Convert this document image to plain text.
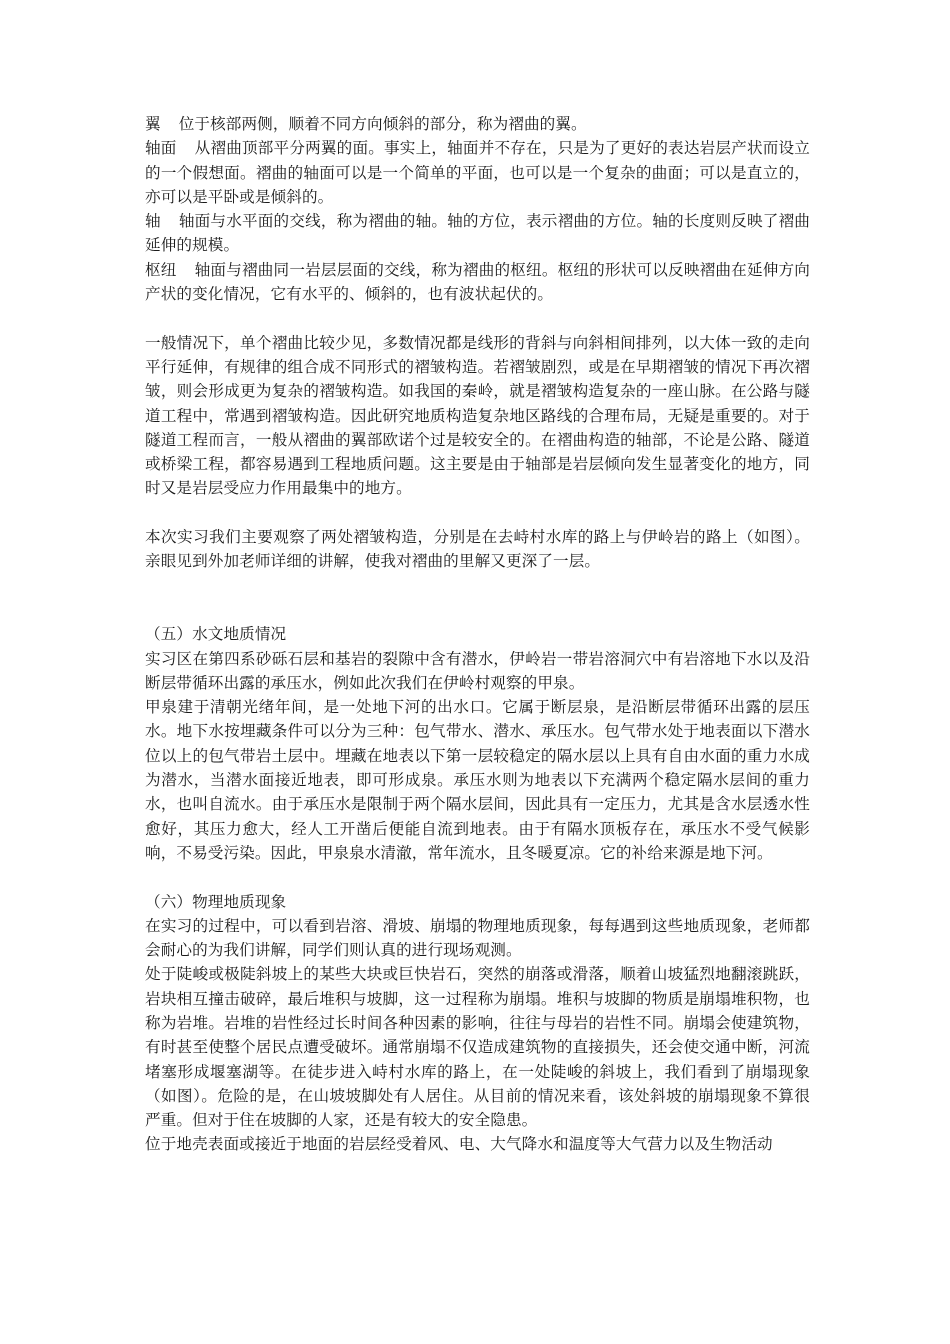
翼 位于核部两侧，顺着不同方向倾斜的部分，称为褶曲的翼。

轴面 从褶曲顶部平分两翼的面。事实上，轴面并不存在，只是为了更好的表达岩层产状而设立的一个假想面。褶曲的轴面可以是一个简单的平面，也可以是一个复杂的曲面；可以是直立的，亦可以是平卧或是倾斜的。

轴 轴面与水平面的交线，称为褶曲的轴。轴的方位，表示褶曲的方位。轴的长度则反映了褶曲延伸的规模。

枢纽 轴面与褶曲同一岩层层面的交线，称为褶曲的枢纽。枢纽的形状可以反映褶曲在延伸方向产状的变化情况，它有水平的、倾斜的，也有波状起伏的。

一般情况下，单个褶曲比较少见，多数情况都是线形的背斜与向斜相间排列，以大体一致的走向平行延伸，有规律的组合成不同形式的褶皱构造。若褶皱剧烈，或是在早期褶皱的情况下再次褶皱，则会形成更为复杂的褶皱构造。如我国的秦岭，就是褶皱构造复杂的一座山脉。在公路与隧道工程中，常遇到褶皱构造。因此研究地质构造复杂地区路线的合理布局，无疑是重要的。对于隧道工程而言，一般从褶曲的翼部欧诺个过是较安全的。在褶曲构造的轴部，不论是公路、隧道或桥梁工程，都容易遇到工程地质问题。这主要是由于轴部是岩层倾向发生显著变化的地方，同时又是岩层受应力作用最集中的地方。

本次实习我们主要观察了两处褶皱构造，分别是在去峙村水库的路上与伊岭岩的路上（如图）。亲眼见到外加老师详细的讲解，使我对褶曲的里解又更深了一层。

（五）水文地质情况

实习区在第四系砂砾石层和基岩的裂隙中含有潜水，伊岭岩一带岩溶洞穴中有岩溶地下水以及沿断层带循环出露的承压水，例如此次我们在伊岭村观察的甲泉。

甲泉建于清朝光绪年间，是一处地下河的出水口。它属于断层泉，是沿断层带循环出露的层压水。地下水按埋藏条件可以分为三种：包气带水、潜水、承压水。包气带水处于地表面以下潜水位以上的包气带岩土层中。埋藏在地表以下第一层较稳定的隔水层以上具有自由水面的重力水成为潜水，当潜水面接近地表，即可形成泉。承压水则为地表以下充满两个稳定隔水层间的重力水，也叫自流水。由于承压水是限制于两个隔水层间，因此具有一定压力，尤其是含水层透水性愈好，其压力愈大，经人工开凿后便能自流到地表。由于有隔水顶板存在，承压水不受气候影响，不易受污染。因此，甲泉泉水清澈，常年流水，且冬暖夏凉。它的补给来源是地下河。

（六）物理地质现象

在实习的过程中，可以看到岩溶、滑坡、崩塌的物理地质现象，每每遇到这些地质现象，老师都会耐心的为我们讲解，同学们则认真的进行现场观测。

处于陡峻或极陡斜坡上的某些大块或巨快岩石，突然的崩落或滑落，顺着山坡猛烈地翻滚跳跃，岩块相互撞击破碎，最后堆积与坡脚，这一过程称为崩塌。堆积与坡脚的物质是崩塌堆积物，也称为岩堆。岩堆的岩性经过长时间各种因素的影响，往往与母岩的岩性不同。崩塌会使建筑物，有时甚至使整个居民点遭受破坏。通常崩塌不仅造成建筑物的直接损失，还会使交通中断，河流堵塞形成堰塞湖等。在徒步进入峙村水库的路上，在一处陡峻的斜坡上，我们看到了崩塌现象（如图）。危险的是，在山坡坡脚处有人居住。从目前的情况来看，该处斜坡的崩塌现象不算很严重。但对于住在坡脚的人家，还是有较大的安全隐患。

位于地壳表面或接近于地面的岩层经受着风、电、大气降水和温度等大气营力以及生物活动
